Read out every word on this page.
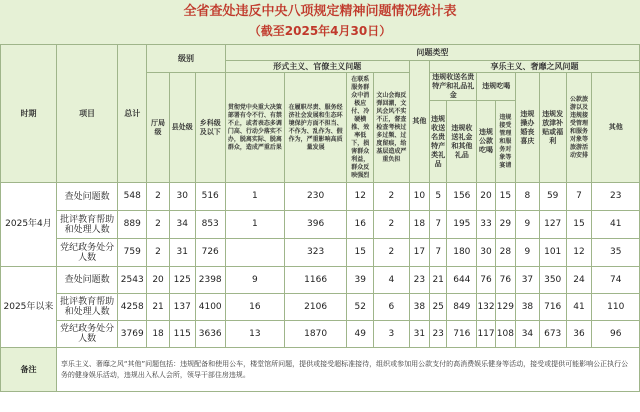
全省查处违反中央八项规定精神问题情况统计表
（截至2025年4月30日）
时期	项目	总计	级别			问题类型												
						形式主义、官僚主义问题				其他	享乐主义、奢靡之风问题							
			厅局级	县处级	乡科级及以下	贯彻党中央重大决策部署有令不行、有禁不止，或者表态多调门高、行动少落实不办，脱离实际、脱离群众，造成严重后果	在履职尽责、服务经济社会发展和生态环境保护方面不担当、不作为、乱作为、假作为，严重影响高质量发展	在联系服务群众中消极应付、冷硬横推、效率低下，损害群众利益，群众反映强烈	文山会海反弹回潮，文风会风不实不正，督查检查考核过多过频、过度留痕，给基层造成严重负担		违规收送名贵特产和礼品礼金		违规吃喝		违规操办婚丧喜庆	违规发放津补贴或福利	公款旅游以及违规接受管理和服务对象等旅游活动安排	其他

											违规收送名贵特产类礼品	违规收送礼金和其他礼品	违规公款吃喝	违规接受管理和服务对象等宴请				
2025年4月	查处问题数	548	2	30	516	1	230	12	2	10	5	156	20	15	8	59	7	23
	批评教育帮助和处理人数	889	2	34	853	1	396	16	2	18	7	195	33	29	9	127	15	41
	党纪政务处分人数	759	2	31	726		323	15	2	17	7	180	30	28	9	101	12	35
2025年以来	查处问题数	2543	20	125	2398	9	1166	39	4	23	21	644	76	76	37	350	24	74
	批评教育帮助和处理人数	4258	21	137	4100	16	2106	52	6	38	25	849	132	129	38	716	41	110
	党纪政务处分人数	3769	18	115	3636	13	1870	49	3	31	23	716	117	108	34	673	36	96
备注	享乐主义、奢靡之风“其他”问题包括：违规配备和使用公车，楼堂馆所问题，提供或接受超标准接待，组织或参加用公款支付的高消费娱乐健身等活动，接受或提供可能影响公正执行公务的健身娱乐活动，违规出入私人会所，领导干部住房违规。																	
